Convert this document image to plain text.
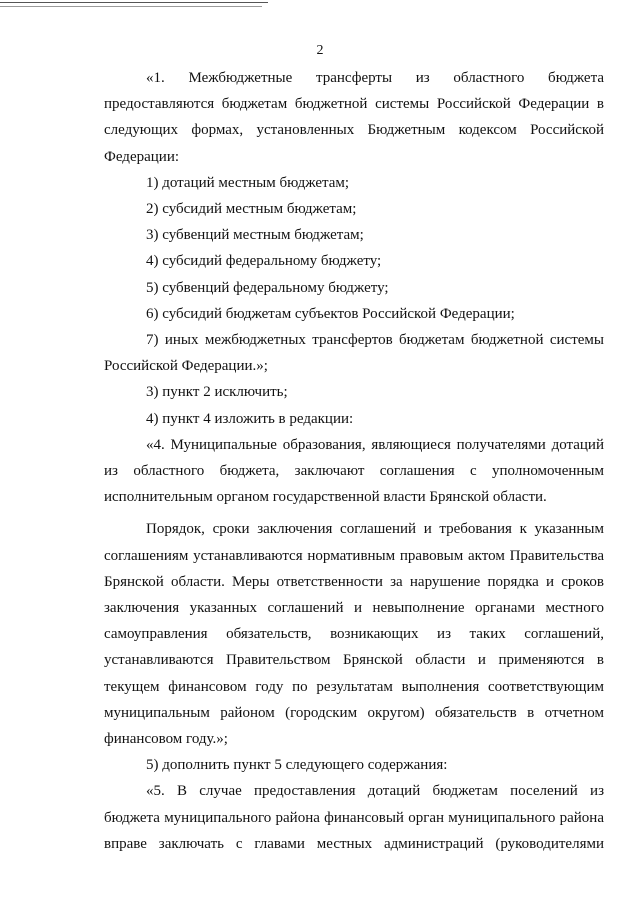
2

«1. Межбюджетные трансферты из областного бюджета предоставляются бюджетам бюджетной системы Российской Федерации в следующих формах, установленных Бюджетным кодексом Российской Федерации:

1) дотаций местным бюджетам;

2) субсидий местным бюджетам;

3) субвенций местным бюджетам;

4) субсидий федеральному бюджету;

5) субвенций федеральному бюджету;

6) субсидий бюджетам субъектов Российской Федерации;

7) иных межбюджетных трансфертов бюджетам бюджетной системы Российской Федерации.»;

3) пункт 2 исключить;

4) пункт 4 изложить в редакции:

«4. Муниципальные образования, являющиеся получателями дотаций из областного бюджета, заключают соглашения с уполномоченным исполнительным органом государственной власти Брянской области.

Порядок, сроки заключения соглашений и требования к указанным соглашениям устанавливаются нормативным правовым актом Правительства Брянской области. Меры ответственности за нарушение порядка и сроков заключения указанных соглашений и невыполнение органами местного самоуправления обязательств, возникающих из таких соглашений, устанавливаются Правительством Брянской области и применяются в текущем финансовом году по результатам выполнения соответствующим муниципальным районом (городским округом) обязательств в отчетном финансовом году.»;

5) дополнить пункт 5 следующего содержания:

«5. В случае предоставления дотаций бюджетам поселений из бюджета муниципального района финансовый орган муниципального района вправе заключать с главами местных администраций (руководителями
